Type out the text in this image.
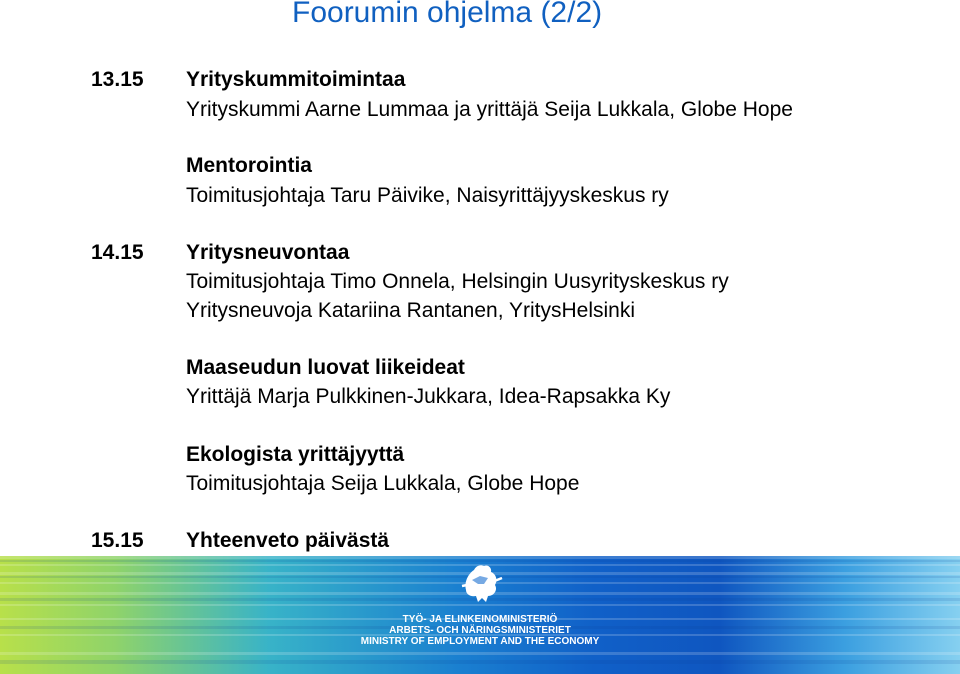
Foorumin ohjelma (2/2)
13.15 Yrityskummitoimintaa
Yrityskummi Aarne Lummaa ja yrittäjä Seija Lukkala, Globe Hope
Mentorointia
Toimitusjohtaja Taru Päivike, Naisyrittäjyyskeskus ry
14.15 Yritysneuvontaa
Toimitusjohtaja Timo Onnela, Helsingin Uusyrityskeskus ry
Yritysneuvoja Katariina Rantanen, YritysHelsinki
Maaseudun luovat liikeideat
Yrittäjä Marja Pulkkinen-Jukkara, Idea-Rapsakka Ky
Ekologista yrittäjyyttä
Toimitusjohtaja Seija Lukkala, Globe Hope
15.15 Yhteenveto päivästä
TYÖ- JA ELINKEINOMINISTERIÖ
ARBETS- OCH NÄRINGSMINISTERIET
MINISTRY OF EMPLOYMENT AND THE ECONOMY
